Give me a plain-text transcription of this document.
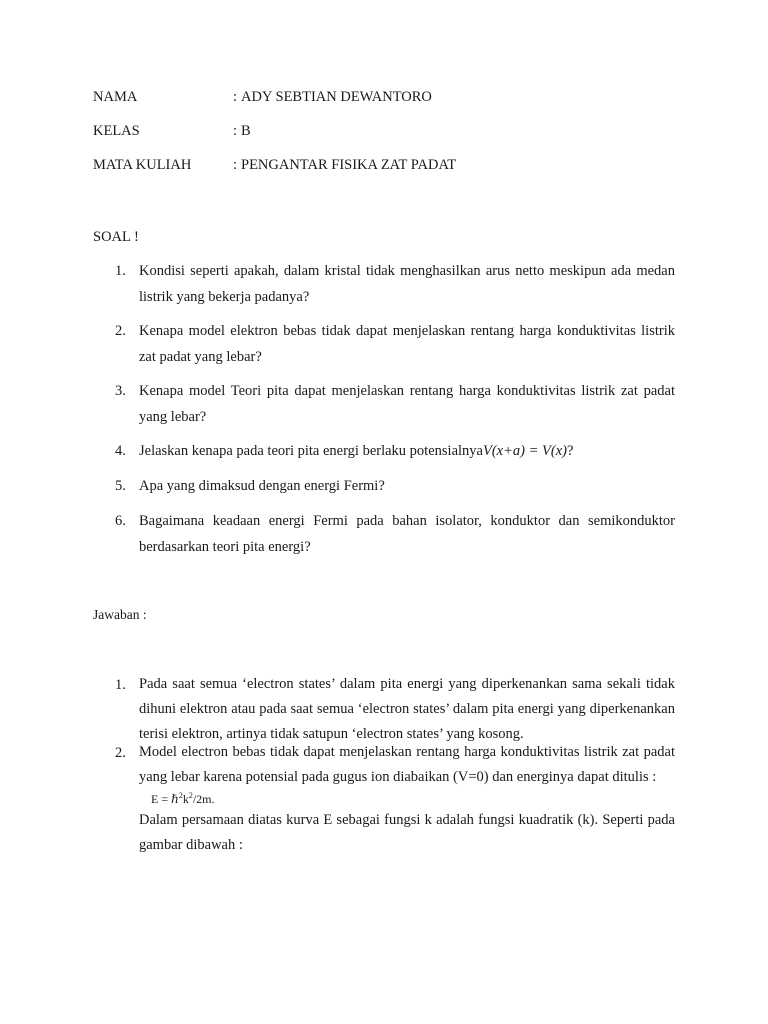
NAMA	: ADY SEBTIAN DEWANTORO
KELAS	: B
MATA KULIAH	: PENGANTAR FISIKA ZAT PADAT
SOAL !
1. Kondisi seperti apakah, dalam kristal tidak menghasilkan arus netto meskipun ada medan listrik yang bekerja padanya?
2. Kenapa model elektron bebas tidak dapat menjelaskan rentang harga konduktivitas listrik zat padat yang lebar?
3. Kenapa model Teori pita dapat menjelaskan rentang harga konduktivitas listrik zat padat yang lebar?
4. Jelaskan kenapa pada teori pita energi berlaku potensialnyaV(x+a) = V(x)?
5. Apa yang dimaksud dengan energi Fermi?
6. Bagaimana keadaan energi Fermi pada bahan isolator, konduktor dan semikonduktor berdasarkan teori pita energi?
Jawaban :
1. Pada saat semua ‘electron states’ dalam pita energi yang diperkenankan sama sekali tidak dihuni elektron atau pada saat semua ‘electron states’ dalam pita energi yang diperkenankan terisi elektron, artinya tidak satupun ‘electron states’ yang kosong.
2. Model electron bebas tidak dapat menjelaskan rentang harga konduktivitas listrik zat padat yang lebar karena potensial pada gugus ion diabaikan (V=0) dan energinya dapat ditulis :
$E = \hbar^2k^2/2m$.
Dalam persamaan diatas kurva E sebagai fungsi k adalah fungsi kuadratik (k). Seperti pada gambar dibawah :
